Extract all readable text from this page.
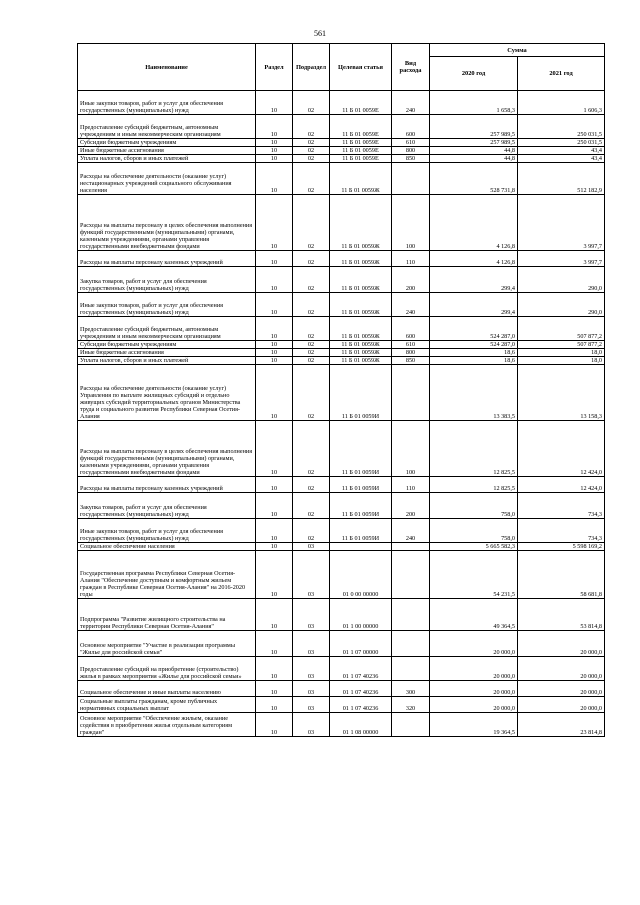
561
Наименование	Раздел	Подраздел	Целевая статья	Вид расхода	Сумма	
					2020 год	2021 год
Иные закупки товаров, работ и услуг для обеспечения государственных (муниципальных) нужд	10	02	11 Б 01 0059Е	240	1 658,3	1 606,3
Предоставление субсидий бюджетным, автономным учреждениям и иным некоммерческим организациям	10	02	11 Б 01 0059Е	600	257 989,5	250 031,5
Субсидии бюджетным учреждениям	10	02	11 Б 01 0059Е	610	257 989,5	250 031,5
Иные бюджетные ассигнования	10	02	11 Б 01 0059Е	800	44,8	43,4
Уплата налогов, сборов и иных платежей	10	02	11 Б 01 0059Е	850	44,8	43,4
Расходы на обеспечение деятельности (оказание услуг) нестационарных учреждений социального обслуживания населения	10	02	11 Б 01 0059Ж		528 731,8	512 182,9
Расходы на выплаты персоналу в целях обеспечения выполнения функций государственными (муниципальными) органами, казенными учреждениями, органами управления государственными внебюджетными фондами	10	02	11 Б 01 0059Ж	100	4 126,8	3 997,7
Расходы на выплаты персоналу казенных учреждений	10	02	11 Б 01 0059Ж	110	4 126,8	3 997,7
Закупка товаров, работ и услуг для обеспечения государственных (муниципальных) нужд	10	02	11 Б 01 0059Ж	200	299,4	290,0
Иные закупки товаров, работ и услуг для обеспечения государственных (муниципальных) нужд	10	02	11 Б 01 0059Ж	240	299,4	290,0
Предоставление субсидий бюджетным, автономным учреждениям и иным некоммерческим организациям	10	02	11 Б 01 0059Ж	600	524 287,0	507 877,2
Субсидии бюджетным учреждениям	10	02	11 Б 01 0059Ж	610	524 287,0	507 877,2
Иные бюджетные ассигнования	10	02	11 Б 01 0059Ж	800	18,6	18,0
Уплата налогов, сборов и иных платежей	10	02	11 Б 01 0059Ж	850	18,6	18,0
Расходы на обеспечение деятельности (оказание услуг) Управления по выплате жилищных субсидий и отдельно живущих субсидий территориальных органов Министерства труда и социального развития Республики Северная Осетия-Алания	10	02	11 Б 01 0059И		13 383,5	13 158,3
Расходы на выплаты персоналу в целях обеспечения выполнения функций государственными (муниципальными) органами, казенными учреждениями, органами управления государственными внебюджетными фондами	10	02	11 Б 01 0059И	100	12 825,5	12 424,0
Расходы на выплаты персоналу казенных учреждений	10	02	11 Б 01 0059И	110	12 825,5	12 424,0
Закупка товаров, работ и услуг для обеспечения государственных (муниципальных) нужд	10	02	11 Б 01 0059И	200	758,0	734,3
Иные закупки товаров, работ и услуг для обеспечения государственных (муниципальных) нужд	10	02	11 Б 01 0059И	240	758,0	734,3
Социальное обеспечение населения	10	03			5 665 582,3	5 598 169,2
Государственная программа Республики Северная Осетия-Алания "Обеспечение доступным и комфортным жильем граждан в Республике Северная Осетия-Алания" на 2016-2020 годы	10	03	01 0 00 00000		54 231,5	58 681,8
Подпрограмма "Развитие жилищного строительства на территории Республики Северная Осетия-Алания"	10	03	01 1 00 00000		49 364,5	53 814,8
Основное мероприятие "Участие в реализации программы "Жилье для российской семьи"	10	03	01 1 07 00000		20 000,0	20 000,0
Предоставление субсидий на приобретение (строительство) жилья в рамках мероприятия «Жилье для российской семьи»	10	03	01 1 07 40236		20 000,0	20 000,0
Социальное обеспечение и иные выплаты населению	10	03	01 1 07 40236	300	20 000,0	20 000,0
Социальные выплаты гражданам, кроме публичных нормативных социальных выплат	10	03	01 1 07 40236	320	20 000,0	20 000,0
Основное мероприятие "Обеспечение жильем, оказание содействия в приобретении жилья отдельным категориям граждан"	10	03	01 1 08 00000		19 364,5	23 814,8
